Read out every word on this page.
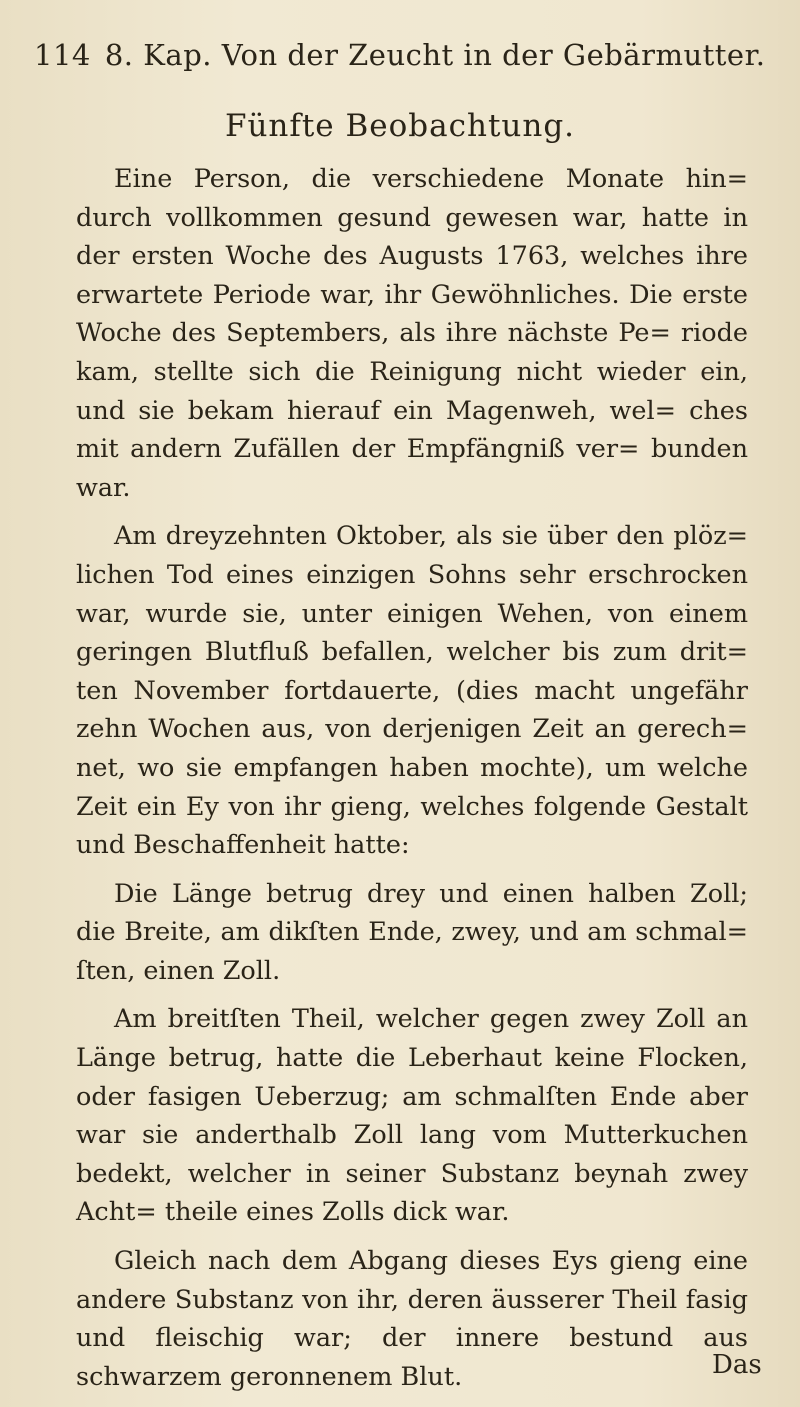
114 8. Kap. Von der Zeucht in der Gebärmutter.
Fünfte Beobachtung.

Eine Person, die verschiedene Monate hin= durch vollkommen gesund gewesen war, hatte in der ersten Woche des Augusts 1763, welches ihre erwartete Periode war, ihr Gewöhnliches. Die erste Woche des Septembers, als ihre nächste Pe= riode kam, stellte sich die Reinigung nicht wieder ein, und sie bekam hierauf ein Magenweh, wel= ches mit andern Zufällen der Empfängniß ver= bunden war.

Am dreyzehnten Oktober, als sie über den plöz= lichen Tod eines einzigen Sohns sehr erschrocken war, wurde sie, unter einigen Wehen, von einem geringen Blutfluß befallen, welcher bis zum drit= ten November fortdauerte, (dies macht ungefähr zehn Wochen aus, von derjenigen Zeit an gerech= net, wo sie empfangen haben mochte), um welche Zeit ein Ey von ihr gieng, welches folgende Gestalt und Beschaffenheit hatte:

Die Länge betrug drey und einen halben Zoll; die Breite, am dikſten Ende, zwey, und am schmal= ſten, einen Zoll.

Am breitſten Theil, welcher gegen zwey Zoll an Länge betrug, hatte die Leberhaut keine Flocken, oder fasigen Ueberzug; am schmalſten Ende aber war sie anderthalb Zoll lang vom Mutterkuchen bedekt, welcher in seiner Substanz beynah zwey Acht= theile eines Zolls dick war.

Gleich nach dem Abgang dieses Eys gieng eine andere Substanz von ihr, deren äusserer Theil fasig und fleischig war; der innere bestund aus schwarzem geronnenem Blut.	Das
